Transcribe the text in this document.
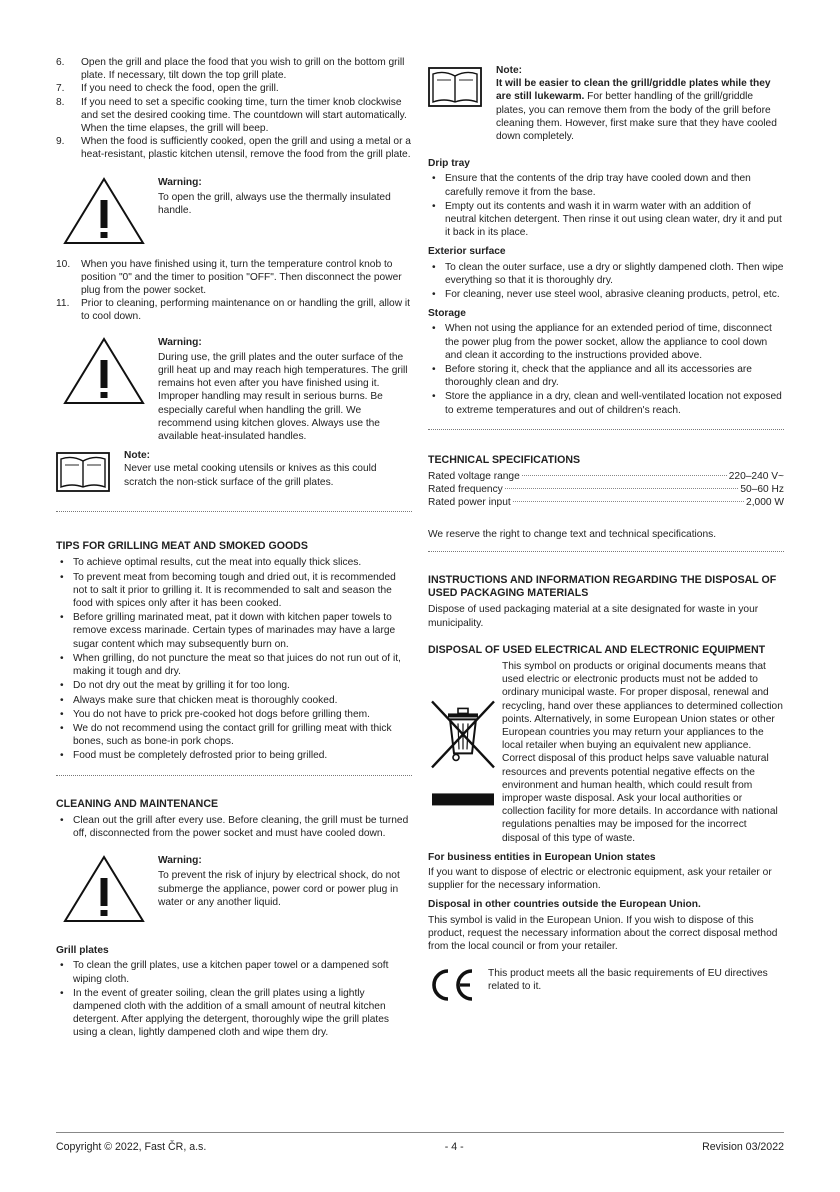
6.	Open the grill and place the food that you wish to grill on the bottom grill plate. If necessary, tilt down the top grill plate.
7.	If you need to check the food, open the grill.
8.	If you need to set a specific cooking time, turn the timer knob clockwise and set the desired cooking time. The countdown will start automatically. When the time elapses, the grill will beep.
9.	When the food is sufficiently cooked, open the grill and using a metal or a heat-resistant, plastic kitchen utensil, remove the food from the grill plate.
Warning:

To open the grill, always use the thermally insulated handle.

10.	When you have finished using it, turn the temperature control knob to position "0" and the timer to position "OFF". Then disconnect the power plug from the power socket.
11.	Prior to cleaning, performing maintenance on or handling the grill, allow it to cool down.
Warning:

During use, the grill plates and the outer surface of the grill heat up and may reach high temperatures. The grill remains hot even after you have finished using it. Improper handling may result in serious burns. Be especially careful when handling the grill. We recommend using kitchen gloves. Always use the available heat-insulated handles.

Note:

Never use metal cooking utensils or knives as this could scratch the non-stick surface of the grill plates.

TIPS FOR GRILLING MEAT AND SMOKED GOODS
• To achieve optimal results, cut the meat into equally thick slices.
• To prevent meat from becoming tough and dried out, it is recommended not to salt it prior to grilling it. It is recommended to salt and season the food with spices only after it has been cooked.
• Before grilling marinated meat, pat it down with kitchen paper towels to remove excess marinade. Certain types of marinades may have a large sugar content which may subsequently burn on.
• When grilling, do not puncture the meat so that juices do not run out of it, making it tough and dry.
• Do not dry out the meat by grilling it for too long.
• Always make sure that chicken meat is thoroughly cooked.
• You do not have to prick pre-cooked hot dogs before grilling them.
• We do not recommend using the contact grill for grilling meat with thick bones, such as bone-in pork chops.
• Food must be completely defrosted prior to being grilled.
CLEANING AND MAINTENANCE
• Clean out the grill after every use. Before cleaning, the grill must be turned off, disconnected from the power socket and must have cooled down.
Warning:

To prevent the risk of injury by electrical shock, do not submerge the appliance, power cord or power plug in water or any another liquid.

Grill plates
• To clean the grill plates, use a kitchen paper towel or a dampened soft wiping cloth.
• In the event of greater soiling, clean the grill plates using a lightly dampened cloth with the addition of a small amount of neutral kitchen detergent. After applying the detergent, thoroughly wipe the grill plates using a clean, lightly dampened cloth and wipe them dry.
Note:

It will be easier to clean the grill/griddle plates while they are still lukewarm. For better handling of the grill/griddle plates, you can remove them from the body of the grill before cleaning them. However, first make sure that they have cooled down completely.

Drip tray
• Ensure that the contents of the drip tray have cooled down and then carefully remove it from the base.
• Empty out its contents and wash it in warm water with an addition of neutral kitchen detergent. Then rinse it out using clean water, dry it and put it back in its place.
Exterior surface
• To clean the outer surface, use a dry or slightly dampened cloth. Then wipe everything so that it is thoroughly dry.
• For cleaning, never use steel wool, abrasive cleaning products, petrol, etc.
Storage
• When not using the appliance for an extended period of time, disconnect the power plug from the power socket, allow the appliance to cool down and clean it according to the instructions provided above.
• Before storing it, check that the appliance and all its accessories are thoroughly clean and dry.
• Store the appliance in a dry, clean and well-ventilated location not exposed to extreme temperatures and out of children's reach.
TECHNICAL SPECIFICATIONS
Rated voltage range	220–240 V~
Rated frequency	50–60 Hz
Rated power input	2,000 W

We reserve the right to change text and technical specifications.

INSTRUCTIONS AND INFORMATION REGARDING THE DISPOSAL OF USED PACKAGING MATERIALS

Dispose of used packaging material at a site designated for waste in your municipality.

DISPOSAL OF USED ELECTRICAL AND ELECTRONIC EQUIPMENT

This symbol on products or original documents means that used electric or electronic products must not be added to ordinary municipal waste. For proper disposal, renewal and recycling, hand over these appliances to determined collection points. Alternatively, in some European Union states or other European countries you may return your appliances to the local retailer when buying an equivalent new appliance. Correct disposal of this product helps save valuable natural resources and prevents potential negative effects on the environment and human health, which could result from improper waste disposal. Ask your local authorities or collection facility for more details. In accordance with national regulations penalties may be imposed for the incorrect disposal of this type of waste.

For business entities in European Union states

If you want to dispose of electric or electronic equipment, ask your retailer or supplier for the necessary information.

Disposal in other countries outside the European Union.

This symbol is valid in the European Union. If you wish to dispose of this product, request the necessary information about the correct disposal method from the local council or from your retailer.

This product meets all the basic requirements of EU directives related to it.

Copyright © 2022, Fast ČR, a.s.	- 4 -	Revision 03/2022
